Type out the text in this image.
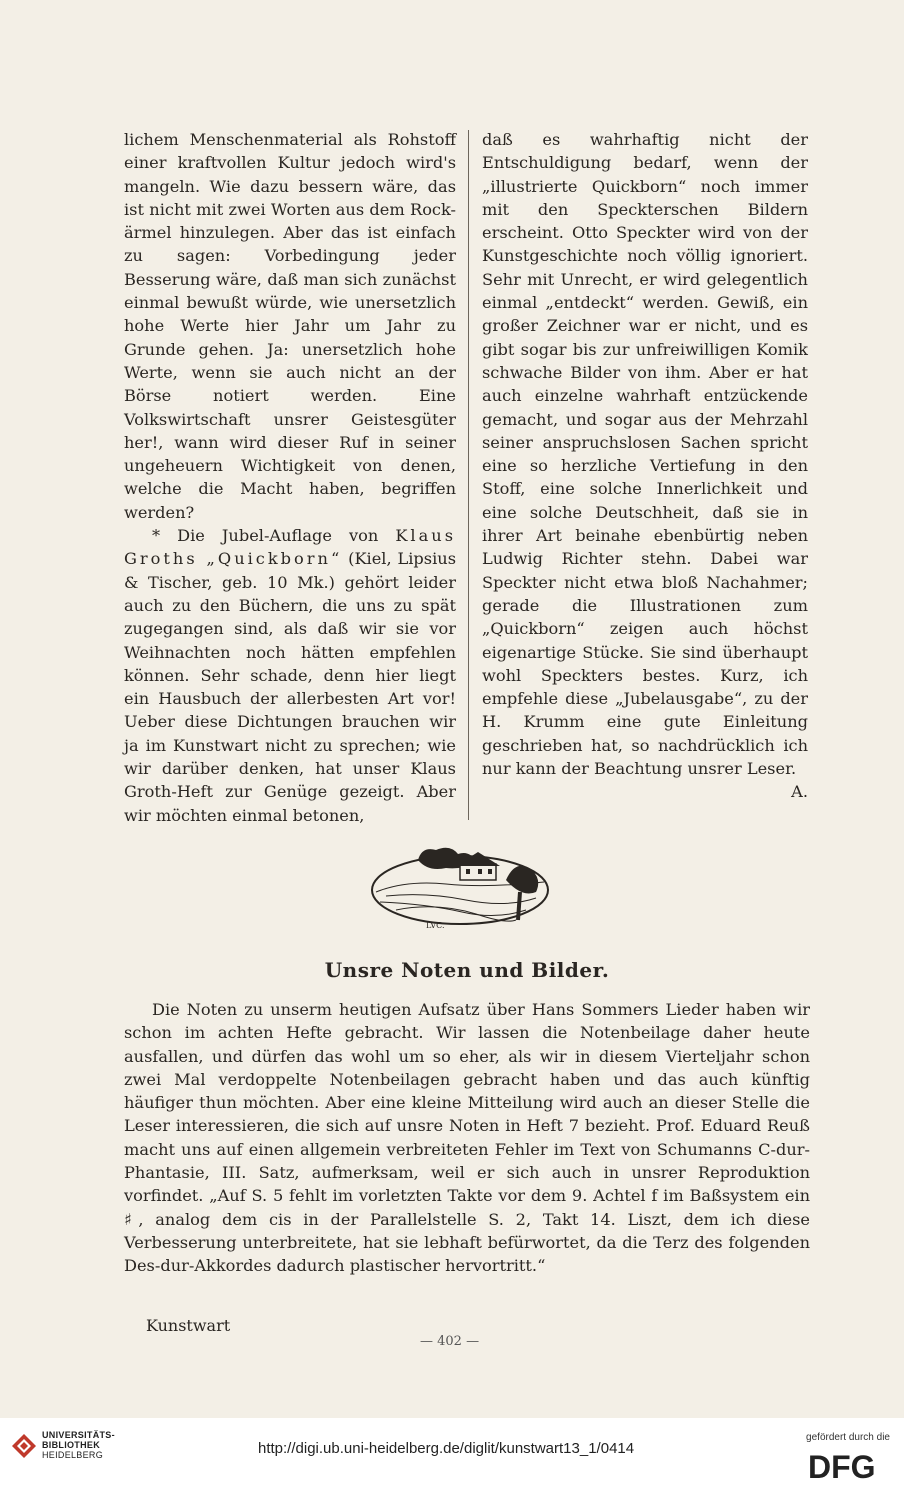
lichem Menschenmaterial als Rohstoff einer kraftvollen Kultur jedoch wird's mangeln. Wie dazu bessern wäre, das ist nicht mit zwei Worten aus dem Rock-ärmel hinzulegen. Aber das ist einfach zu sagen: Vorbedingung jeder Besserung wäre, daß man sich zunächst einmal bewußt würde, wie unersetzlich hohe Werte hier Jahr um Jahr zu Grunde gehen. Ja: unersetzlich hohe Werte, wenn sie auch nicht an der Börse notiert werden. Eine Volkswirtschaft unsrer Geistesgüter her!, wann wird dieser Ruf in seiner ungeheuern Wichtigkeit von denen, welche die Macht haben, begriffen werden?

* Die Jubel-Auflage von Klaus Groths „Quickborn“ (Kiel, Lipsius & Tischer, geb. 10 Mk.) gehört leider auch zu den Büchern, die uns zu spät zugegangen sind, als daß wir sie vor Weihnachten noch hätten empfehlen können. Sehr schade, denn hier liegt ein Hausbuch der allerbesten Art vor! Ueber diese Dichtungen brauchen wir ja im Kunstwart nicht zu sprechen; wie wir darüber denken, hat unser Klaus Groth-Heft zur Genüge gezeigt. Aber wir möchten einmal betonen,

daß es wahrhaftig nicht der Entschuldigung bedarf, wenn der „illustrierte Quickborn“ noch immer mit den Speckterschen Bildern erscheint. Otto Speckter wird von der Kunstgeschichte noch völlig ignoriert. Sehr mit Unrecht, er wird gelegentlich einmal „entdeckt“ werden. Gewiß, ein großer Zeichner war er nicht, und es gibt sogar bis zur unfreiwilligen Komik schwache Bilder von ihm. Aber er hat auch einzelne wahrhaft entzückende gemacht, und sogar aus der Mehrzahl seiner anspruchslosen Sachen spricht eine so herzliche Vertiefung in den Stoff, eine solche Innerlichkeit und eine solche Deutschheit, daß sie in ihrer Art beinahe ebenbürtig neben Ludwig Richter stehn. Dabei war Speckter nicht etwa bloß Nachahmer; gerade die Illustrationen zum „Quickborn“ zeigen auch höchst eigenartige Stücke. Sie sind überhaupt wohl Speckters bestes. Kurz, ich empfehle diese „Jubelausgabe“, zu der H. Krumm eine gute Einleitung geschrieben hat, so nachdrücklich ich nur kann der Beachtung unsrer Leser.

A.

LVC.
Unsre Noten und Bilder.

Die Noten zu unserm heutigen Aufsatz über Hans Sommers Lieder haben wir schon im achten Hefte gebracht. Wir lassen die Notenbeilage daher heute ausfallen, und dürfen das wohl um so eher, als wir in diesem Vierteljahr schon zwei Mal verdoppelte Notenbeilagen gebracht haben und das auch künftig häufiger thun möchten. Aber eine kleine Mitteilung wird auch an dieser Stelle die Leser interessieren, die sich auf unsre Noten in Heft 7 bezieht. Prof. Eduard Reuß macht uns auf einen allgemein verbreiteten Fehler im Text von Schumanns C-dur-Phantasie, III. Satz, aufmerksam, weil er sich auch in unsrer Reproduktion vorfindet. „Auf S. 5 fehlt im vorletzten Takte vor dem 9. Achtel f im Baßsystem ein ♯, analog dem cis in der Parallelstelle S. 2, Takt 14. Liszt, dem ich diese Verbesserung unterbreitete, hat sie lebhaft befürwortet, da die Terz des folgenden Des-dur-Akkordes dadurch plastischer hervortritt.“

Kunstwart
— 402 —
UNIVERSITÄTS-
BIBLIOTHEK
HEIDELBERG	http://digi.ub.uni-heidelberg.de/diglit/kunstwart13_1/0414
gefördert durch die
DFG
